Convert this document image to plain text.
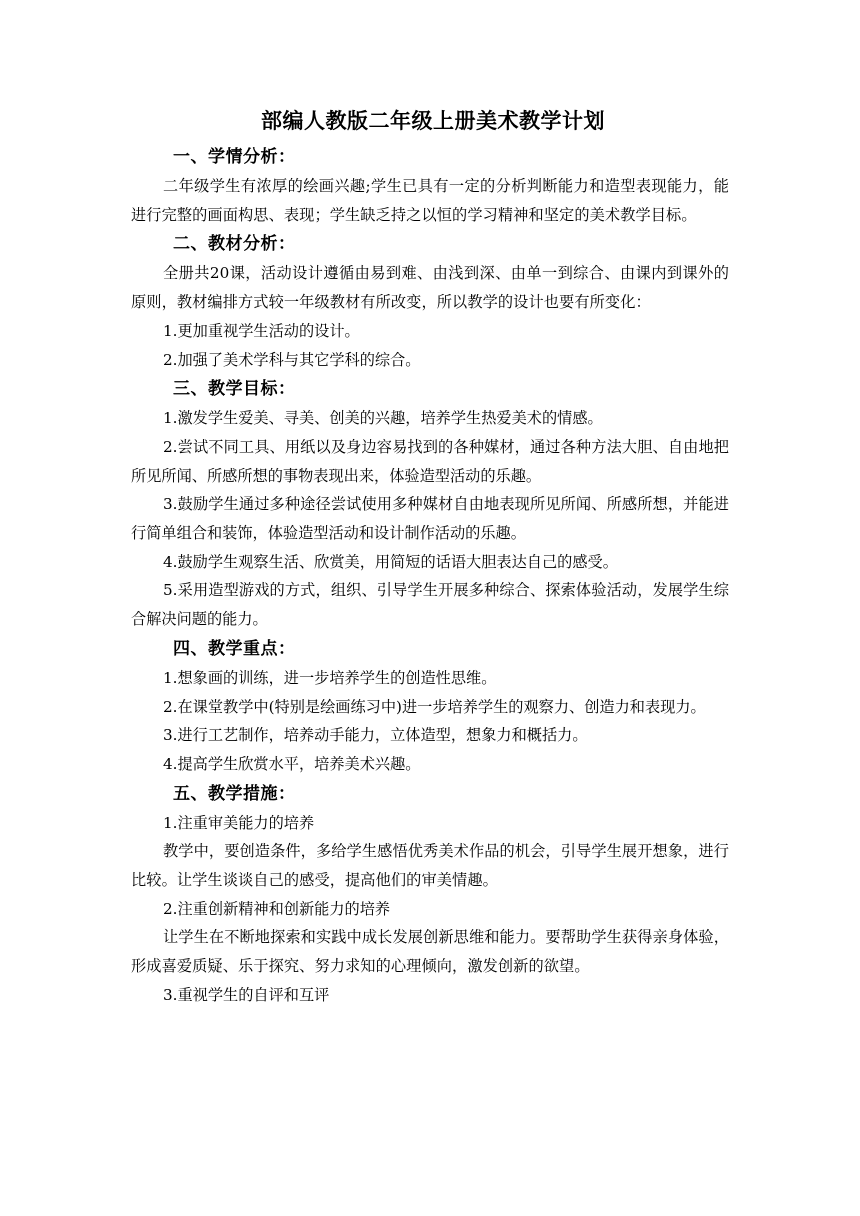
部编人教版二年级上册美术教学计划
一、学情分析：

二年级学生有浓厚的绘画兴趣;学生已具有一定的分析判断能力和造型表现能力，能进行完整的画面构思、表现；学生缺乏持之以恒的学习精神和坚定的美术教学目标。

二、教材分析：

全册共20课，活动设计遵循由易到难、由浅到深、由单一到综合、由课内到课外的原则，教材编排方式较一年级教材有所改变，所以教学的设计也要有所变化：

1.更加重视学生活动的设计。

2.加强了美术学科与其它学科的综合。

三、教学目标：

1.激发学生爱美、寻美、创美的兴趣，培养学生热爱美术的情感。

2.尝试不同工具、用纸以及身边容易找到的各种媒材，通过各种方法大胆、自由地把所见所闻、所感所想的事物表现出来，体验造型活动的乐趣。

3.鼓励学生通过多种途径尝试使用多种媒材自由地表现所见所闻、所感所想，并能进行简单组合和装饰，体验造型活动和设计制作活动的乐趣。

4.鼓励学生观察生活、欣赏美，用简短的话语大胆表达自己的感受。

5.采用造型游戏的方式，组织、引导学生开展多种综合、探索体验活动，发展学生综合解决问题的能力。

四、教学重点：

1.想象画的训练，进一步培养学生的创造性思维。

2.在课堂教学中(特别是绘画练习中)进一步培养学生的观察力、创造力和表现力。

3.进行工艺制作，培养动手能力，立体造型，想象力和概括力。

4.提高学生欣赏水平，培养美术兴趣。

五、教学措施：

1.注重审美能力的培养

教学中，要创造条件，多给学生感悟优秀美术作品的机会，引导学生展开想象，进行比较。让学生谈谈自己的感受，提高他们的审美情趣。

2.注重创新精神和创新能力的培养

让学生在不断地探索和实践中成长发展创新思维和能力。要帮助学生获得亲身体验，形成喜爱质疑、乐于探究、努力求知的心理倾向，激发创新的欲望。

3.重视学生的自评和互评
